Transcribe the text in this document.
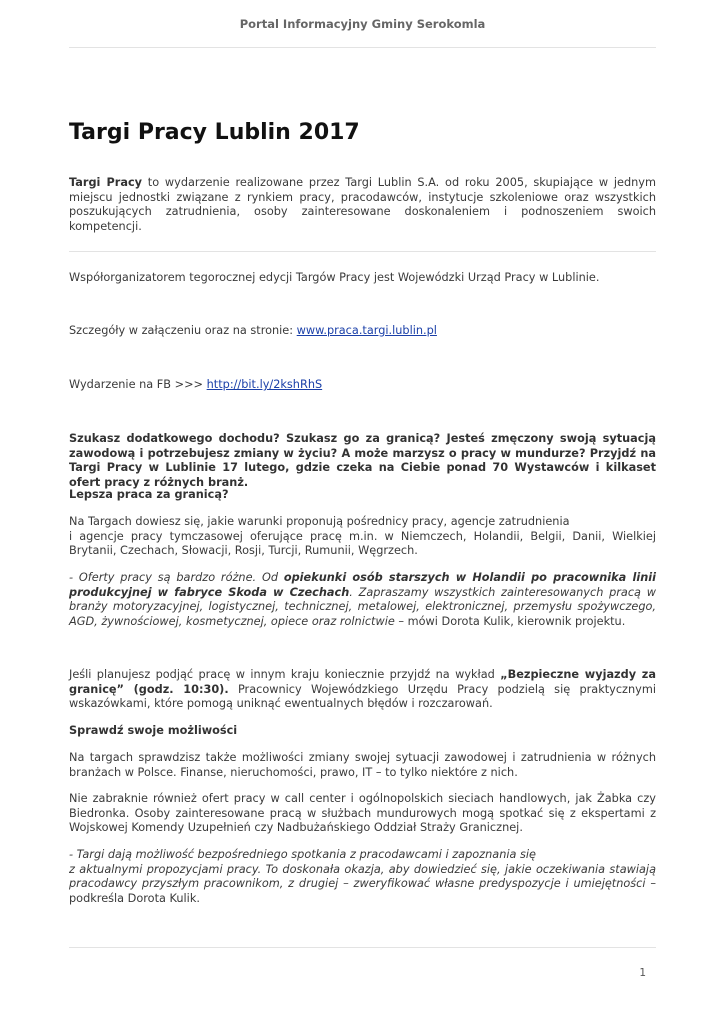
Portal Informacyjny Gminy Serokomla
Targi Pracy Lublin 2017

Targi Pracy to wydarzenie realizowane przez Targi Lublin S.A. od roku 2005, skupiające w jednym miejscu jednostki związane z rynkiem pracy, pracodawców, instytucje szkoleniowe oraz wszystkich poszukujących zatrudnienia, osoby zainteresowane doskonaleniem i podnoszeniem swoich kompetencji.

Współorganizatorem tegorocznej edycji Targów Pracy jest Wojewódzki Urząd Pracy w Lublinie.

Szczegóły w załączeniu oraz na stronie: www.praca.targi.lublin.pl

Wydarzenie na FB >>> http://bit.ly/2kshRhS

Szukasz dodatkowego dochodu? Szukasz go za granicą? Jesteś zmęczony swoją sytuacją zawodową i potrzebujesz zmiany w życiu? A może marzysz o pracy w mundurze? Przyjdź na Targi Pracy w Lublinie 17 lutego, gdzie czeka na Ciebie ponad 70 Wystawców i kilkaset ofert pracy z różnych branż.

Lepsza praca za granicą?

Na Targach dowiesz się, jakie warunki proponują pośrednicy pracy, agencje zatrudnienia
i agencje pracy tymczasowej oferujące pracę m.in. w Niemczech, Holandii, Belgii, Danii, Wielkiej Brytanii, Czechach, Słowacji, Rosji, Turcji, Rumunii, Węgrzech.

- Oferty pracy są bardzo różne. Od opiekunki osób starszych w Holandii po pracownika linii produkcyjnej w fabryce Skoda w Czechach. Zapraszamy wszystkich zainteresowanych pracą w branży motoryzacyjnej, logistycznej, technicznej, metalowej, elektronicznej, przemysłu spożywczego, AGD, żywnościowej, kosmetycznej, opiece oraz rolnictwie – mówi Dorota Kulik, kierownik projektu.

Jeśli planujesz podjąć pracę w innym kraju koniecznie przyjdź na wykład „Bezpieczne wyjazdy za granicę” (godz. 10:30). Pracownicy Wojewódzkiego Urzędu Pracy podzielą się praktycznymi wskazówkami, które pomogą uniknąć ewentualnych błędów i rozczarowań.

Sprawdź swoje możliwości

Na targach sprawdzisz także możliwości zmiany swojej sytuacji zawodowej i zatrudnienia w różnych branżach w Polsce. Finanse, nieruchomości, prawo, IT – to tylko niektóre z nich.

Nie zabraknie również ofert pracy w call center i ogólnopolskich sieciach handlowych, jak Żabka czy Biedronka. Osoby zainteresowane pracą w służbach mundurowych mogą spotkać się z ekspertami z Wojskowej Komendy Uzupełnień czy Nadbużańskiego Oddział Straży Granicznej.

- Targi dają możliwość bezpośredniego spotkania z pracodawcami i zapoznania się
z aktualnymi propozycjami pracy. To doskonała okazja, aby dowiedzieć się, jakie oczekiwania stawiają pracodawcy przyszłym pracownikom, z drugiej – zweryfikować własne predyspozycje i umiejętności – podkreśla Dorota Kulik.

1
